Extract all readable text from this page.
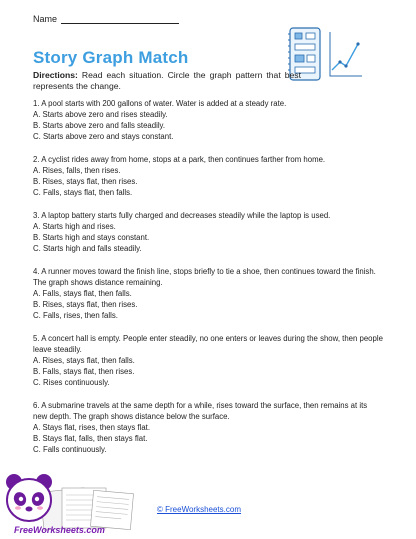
Name
Story Graph Match
Directions: Read each situation. Circle the graph pattern that best represents the change.
1. A pool starts with 200 gallons of water. Water is added at a steady rate.
A. Starts above zero and rises steadily.
B. Starts above zero and falls steadily.
C. Starts above zero and stays constant.
2. A cyclist rides away from home, stops at a park, then continues farther from home.
A. Rises, falls, then rises.
B. Rises, stays flat, then rises.
C. Falls, stays flat, then falls.
3. A laptop battery starts fully charged and decreases steadily while the laptop is used.
A. Starts high and rises.
B. Starts high and stays constant.
C. Starts high and falls steadily.
4. A runner moves toward the finish line, stops briefly to tie a shoe, then continues toward the finish. The graph shows distance remaining.
A. Falls, stays flat, then falls.
B. Rises, stays flat, then rises.
C. Falls, rises, then falls.
5. A concert hall is empty. People enter steadily, no one enters or leaves during the show, then people leave steadily.
A. Rises, stays flat, then falls.
B. Falls, stays flat, then rises.
C. Rises continuously.
6. A submarine travels at the same depth for a while, rises toward the surface, then remains at its new depth. The graph shows distance below the surface.
A. Stays flat, rises, then stays flat.
B. Stays flat, falls, then stays flat.
C. Falls continuously.
FreeWorksheets.com
© FreeWorksheets.com
